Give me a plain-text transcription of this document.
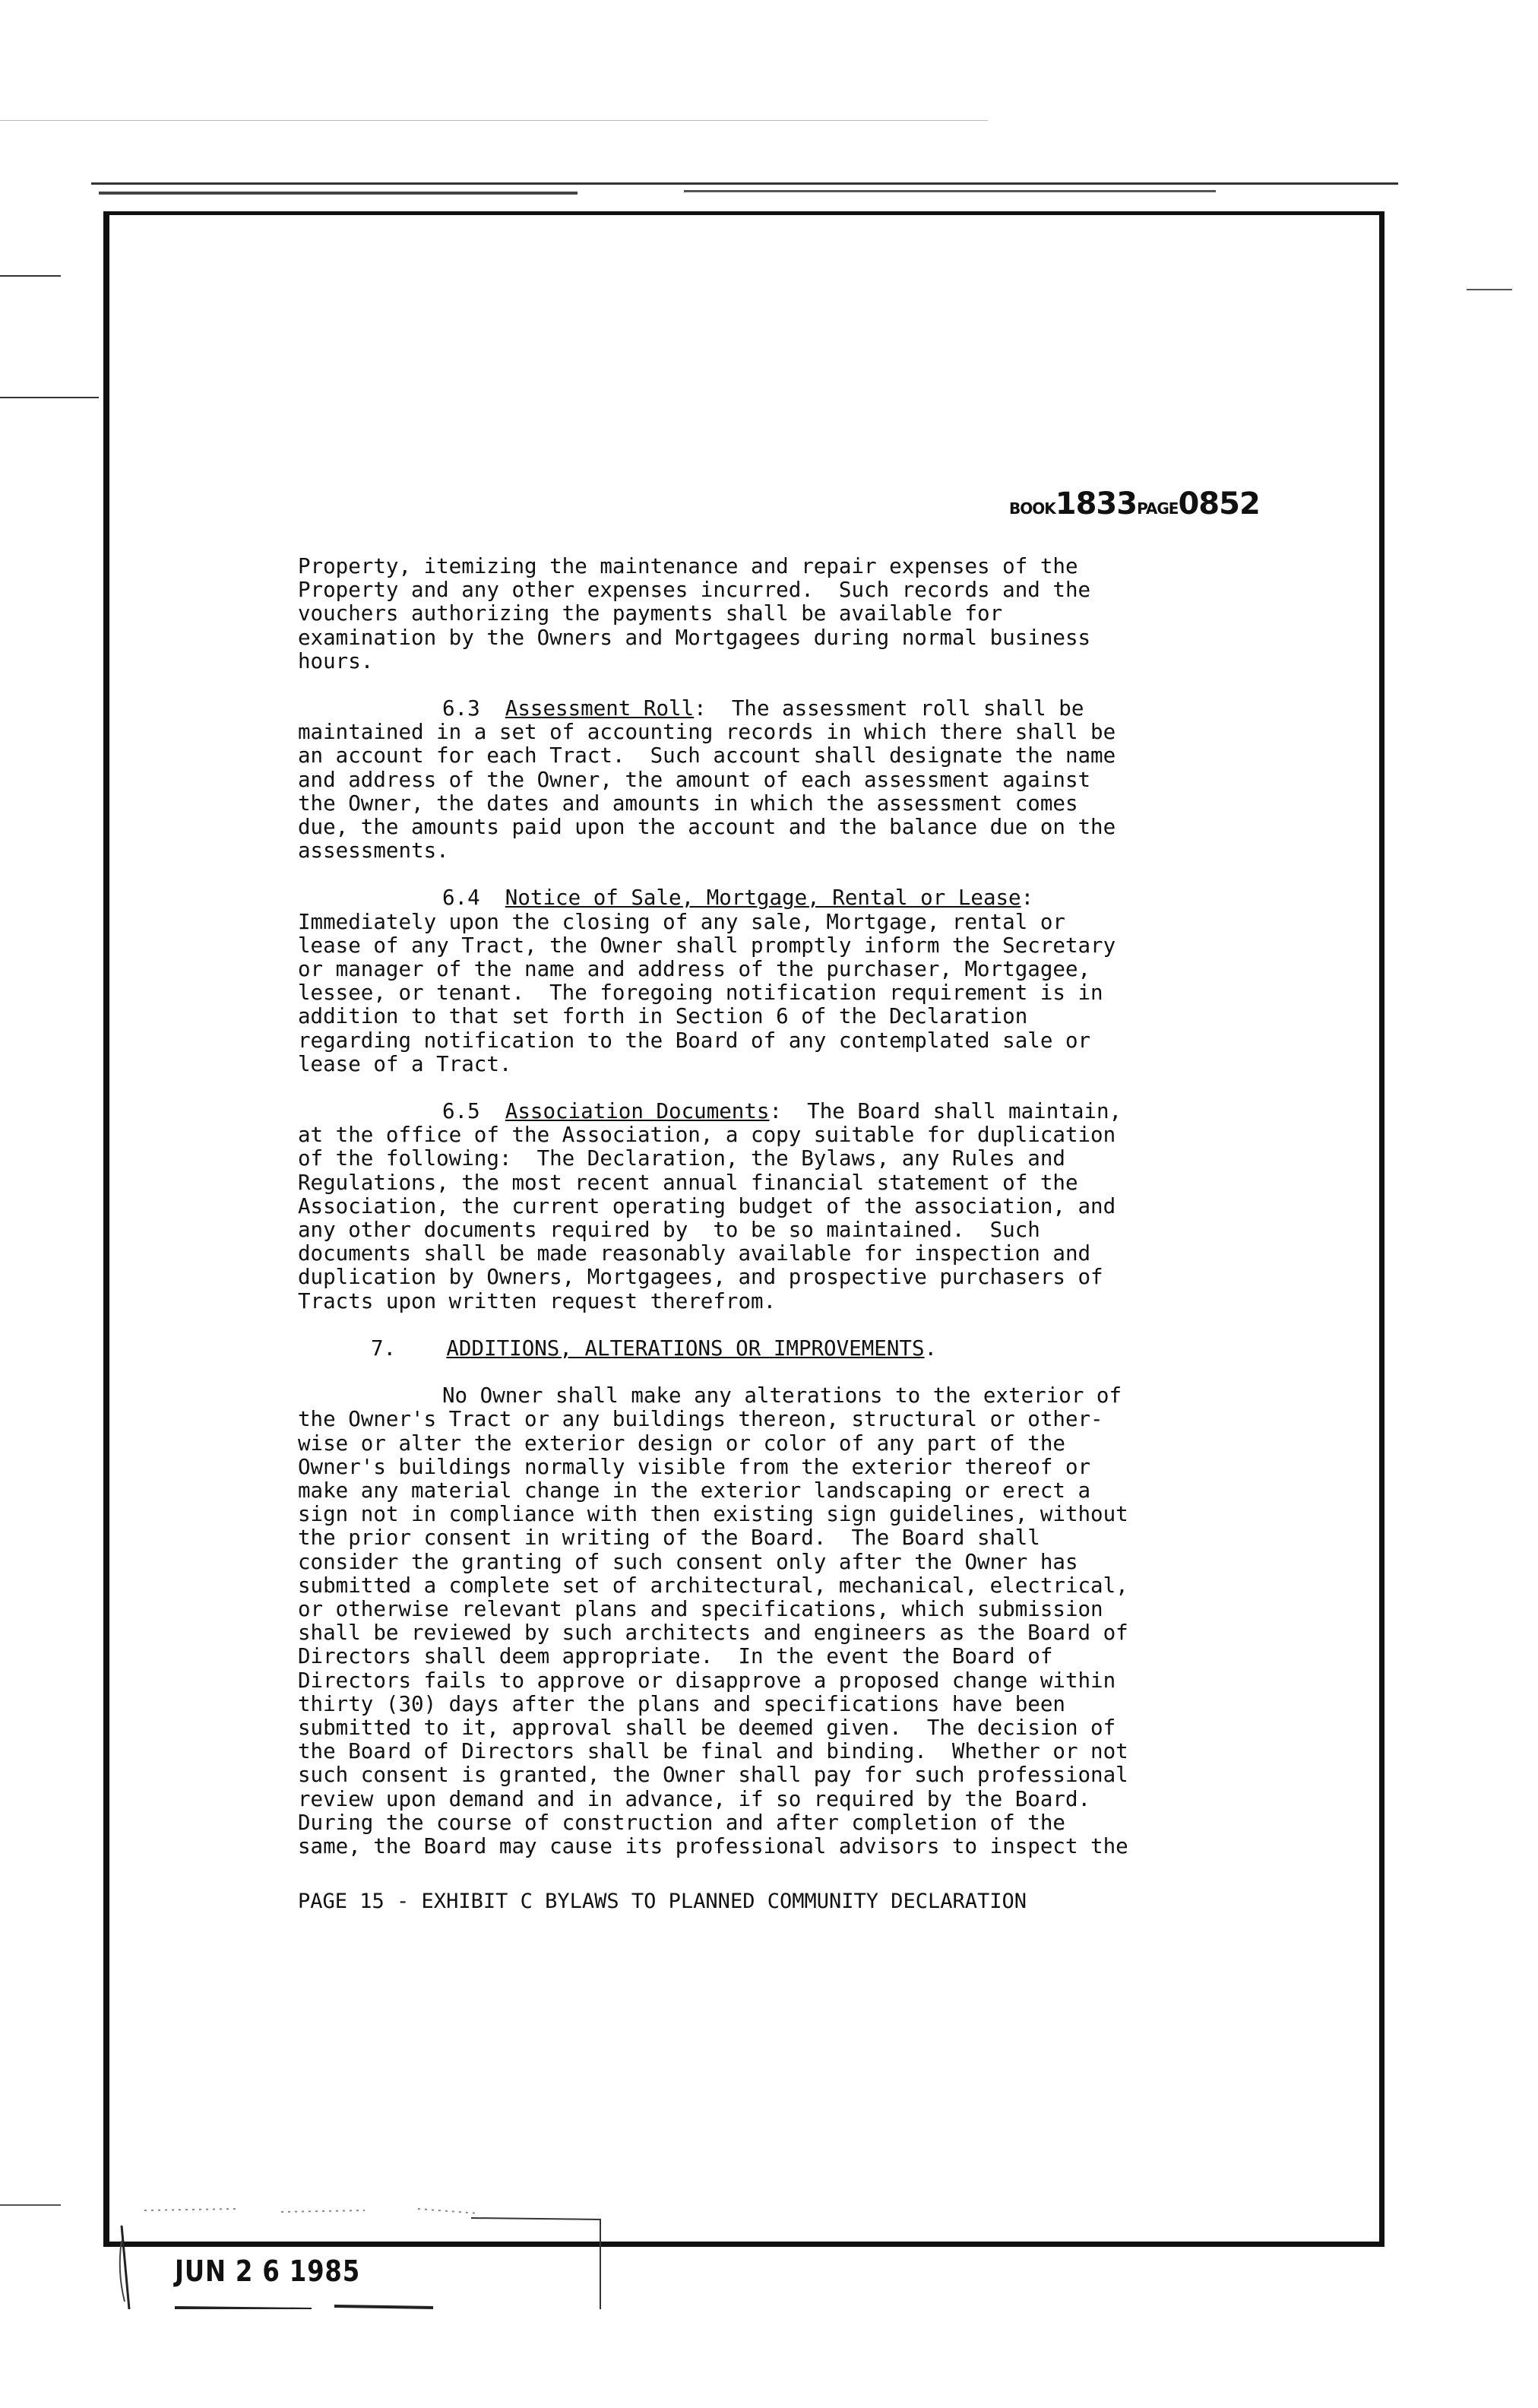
BOOK1833PAGE0852

Property, itemizing the maintenance and repair expenses of the
Property and any other expenses incurred.  Such records and the
vouchers authorizing the payments shall be available for
examination by the Owners and Mortgagees during normal business
hours.

6.3 Assessment Roll:  The assessment roll shall be
maintained in a set of accounting records in which there shall be
an account for each Tract.  Such account shall designate the name
and address of the Owner, the amount of each assessment against
the Owner, the dates and amounts in which the assessment comes
due, the amounts paid upon the account and the balance due on the
assessments.

6.4 Notice of Sale, Mortgage, Rental or Lease:
Immediately upon the closing of any sale, Mortgage, rental or
lease of any Tract, the Owner shall promptly inform the Secretary
or manager of the name and address of the purchaser, Mortgagee,
lessee, or tenant.  The foregoing notification requirement is in
addition to that set forth in Section 6 of the Declaration
regarding notification to the Board of any contemplated sale or
lease of a Tract.

6.5 Association Documents:  The Board shall maintain,
at the office of the Association, a copy suitable for duplication
of the following:  The Declaration, the Bylaws, any Rules and
Regulations, the most recent annual financial statement of the
Association, the current operating budget of the association, and
any other documents required by  to be so maintained.  Such
documents shall be made reasonably available for inspection and
duplication by Owners, Mortgagees, and prospective purchasers of
Tracts upon written request therefrom.

7. ADDITIONS, ALTERATIONS OR IMPROVEMENTS.

No Owner shall make any alterations to the exterior of
the Owner's Tract or any buildings thereon, structural or other-
wise or alter the exterior design or color of any part of the
Owner's buildings normally visible from the exterior thereof or
make any material change in the exterior landscaping or erect a
sign not in compliance with then existing sign guidelines, without
the prior consent in writing of the Board.  The Board shall
consider the granting of such consent only after the Owner has
submitted a complete set of architectural, mechanical, electrical,
or otherwise relevant plans and specifications, which submission
shall be reviewed by such architects and engineers as the Board of
Directors shall deem appropriate.  In the event the Board of
Directors fails to approve or disapprove a proposed change within
thirty (30) days after the plans and specifications have been
submitted to it, approval shall be deemed given.  The decision of
the Board of Directors shall be final and binding.  Whether or not
such consent is granted, the Owner shall pay for such professional
review upon demand and in advance, if so required by the Board.
During the course of construction and after completion of the
same, the Board may cause its professional advisors to inspect the

PAGE 15 - EXHIBIT C BYLAWS TO PLANNED COMMUNITY DECLARATION
JUN 2 6 1985
